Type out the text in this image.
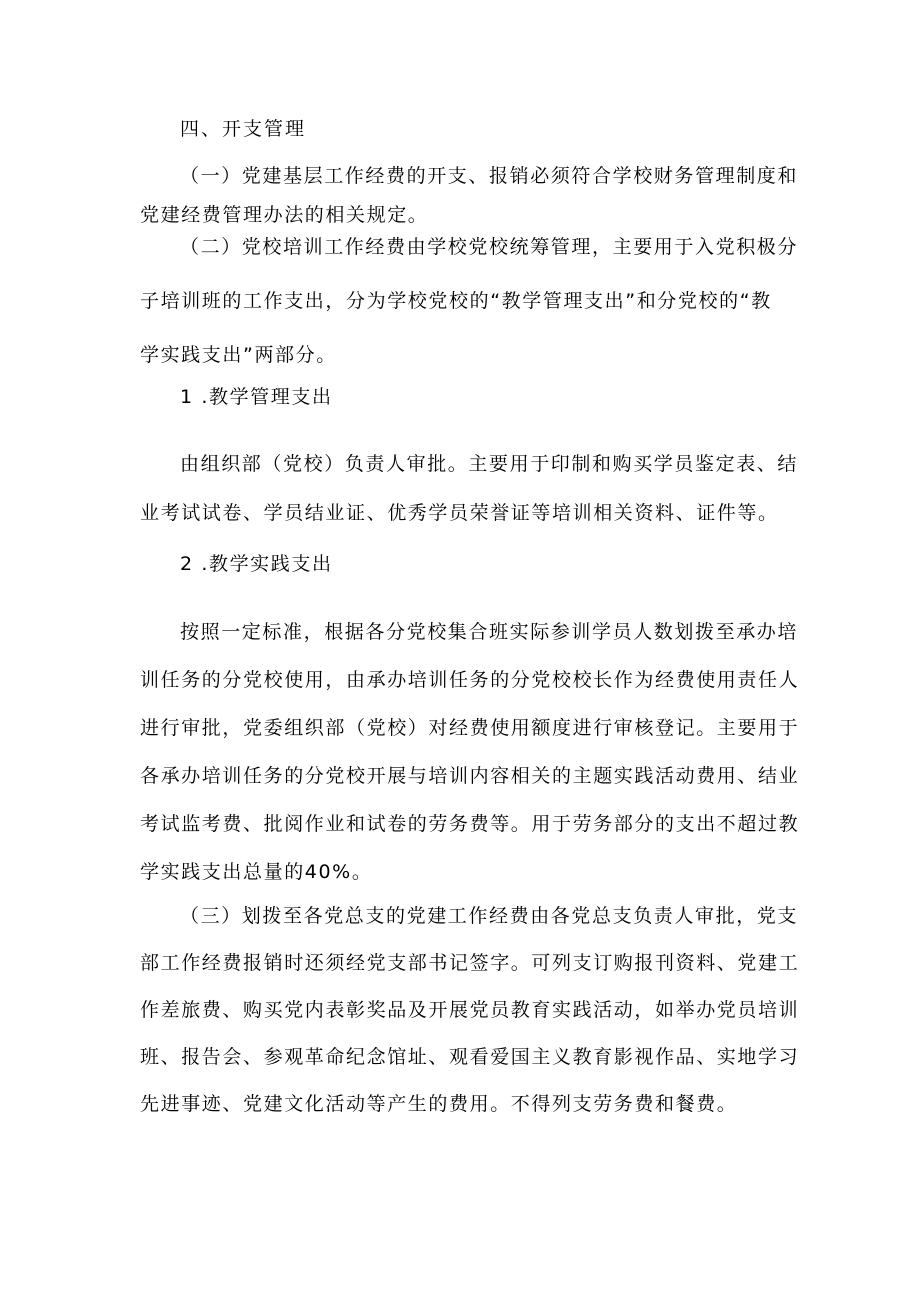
四、开支管理
（一）党建基层工作经费的开支、报销必须符合学校财务管理制度和
党建经费管理办法的相关规定。
（二）党校培训工作经费由学校党校统筹管理，主要用于入党积极分
子培训班的工作支出，分为学校党校的“教学管理支出”和分党校的“教
学实践支出”两部分。
1 .教学管理支出
由组织部（党校）负责人审批。主要用于印制和购买学员鉴定表、结
业考试试卷、学员结业证、优秀学员荣誉证等培训相关资料、证件等。
2 .教学实践支出
按照一定标准，根据各分党校集合班实际参训学员人数划拨至承办培
训任务的分党校使用，由承办培训任务的分党校校长作为经费使用责任人
进行审批，党委组织部（党校）对经费使用额度进行审核登记。主要用于
各承办培训任务的分党校开展与培训内容相关的主题实践活动费用、结业
考试监考费、批阅作业和试卷的劳务费等。用于劳务部分的支出不超过教
学实践支出总量的40%。
（三）划拨至各党总支的党建工作经费由各党总支负责人审批，党支
部工作经费报销时还须经党支部书记签字。可列支订购报刊资料、党建工
作差旅费、购买党内表彰奖品及开展党员教育实践活动，如举办党员培训
班、报告会、参观革命纪念馆址、观看爱国主义教育影视作品、实地学习
先进事迹、党建文化活动等产生的费用。不得列支劳务费和餐费。
